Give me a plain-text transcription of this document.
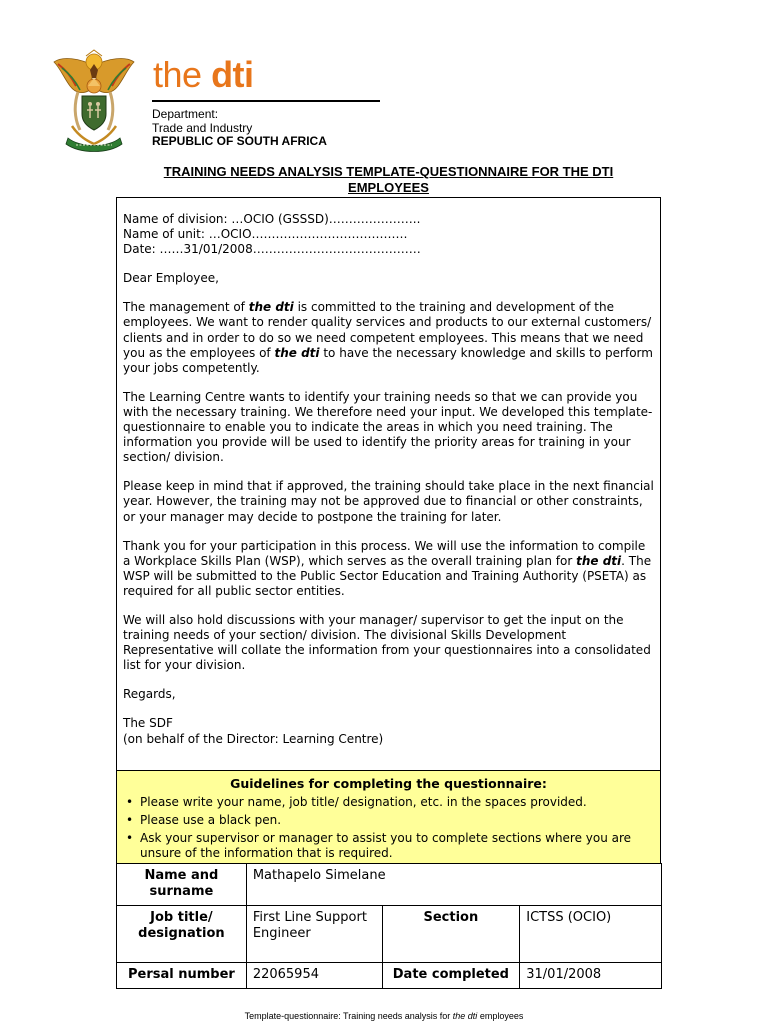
the dti
Department:
Trade and Industry
REPUBLIC OF SOUTH AFRICA
TRAINING NEEDS ANALYSIS TEMPLATE-QUESTIONNAIRE FOR THE DTI
EMPLOYEES
Name of division: …OCIO (GSSSD)…………………..
Name of unit: …OCIO…………………………………
Date: ……31/01/2008……………………………………

Dear Employee,

The management of the dti is committed to the training and development of the employees. We want to render quality services and products to our external customers/ clients and in order to do so we need competent employees. This means that we need you as the employees of the dti to have the necessary knowledge and skills to perform your jobs competently.

The Learning Centre wants to identify your training needs so that we can provide you with the necessary training. We therefore need your input. We developed this template-questionnaire to enable you to indicate the areas in which you need training. The information you provide will be used to identify the priority areas for training in your section/ division.

Please keep in mind that if approved, the training should take place in the next financial year. However, the training may not be approved due to financial or other constraints, or your manager may decide to postpone the training for later.

Thank you for your participation in this process. We will use the information to compile a Workplace Skills Plan (WSP), which serves as the overall training plan for the dti. The WSP will be submitted to the Public Sector Education and Training Authority (PSETA) as required for all public sector entities.

We will also hold discussions with your manager/ supervisor to get the input on the training needs of your section/ division. The divisional Skills Development Representative will collate the information from your questionnaires into a consolidated list for your division.

Regards,

The SDF
(on behalf of the Director: Learning Centre)
Guidelines for completing the questionnaire:
• Please write your name, job title/ designation, etc. in the spaces provided.
• Please use a black pen.
• Ask your supervisor or manager to assist you to complete sections where you are unsure of the information that is required.
Name and surname	Mathapelo Simelane		
Job title/ designation	First Line Support Engineer	Section	ICTSS (OCIO)
Persal number	22065954	Date completed	31/01/2008
Template-questionnaire: Training needs analysis for the dti employees
